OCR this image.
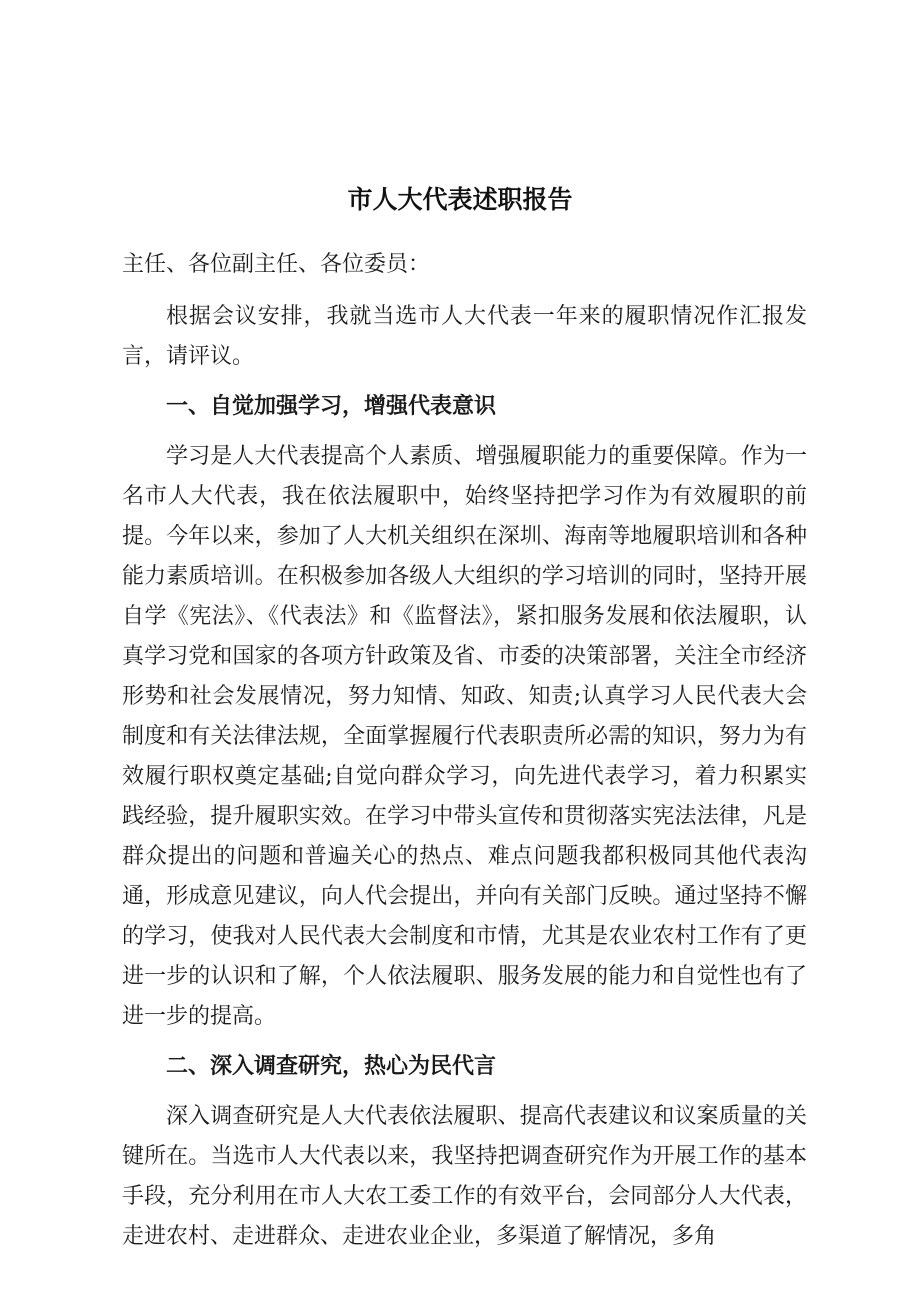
市人大代表述职报告

主任、各位副主任、各位委员：

根据会议安排，我就当选市人大代表一年来的履职情况作汇报发言，请评议。

一、自觉加强学习，增强代表意识

学习是人大代表提高个人素质、增强履职能力的重要保障。作为一名市人大代表，我在依法履职中，始终坚持把学习作为有效履职的前提。今年以来，参加了人大机关组织在深圳、海南等地履职培训和各种能力素质培训。在积极参加各级人大组织的学习培训的同时，坚持开展自学《宪法》、《代表法》和《监督法》，紧扣服务发展和依法履职，认真学习党和国家的各项方针政策及省、市委的决策部署，关注全市经济形势和社会发展情况，努力知情、知政、知责;认真学习人民代表大会制度和有关法律法规，全面掌握履行代表职责所必需的知识，努力为有效履行职权奠定基础;自觉向群众学习，向先进代表学习，着力积累实践经验，提升履职实效。在学习中带头宣传和贯彻落实宪法法律，凡是群众提出的问题和普遍关心的热点、难点问题我都积极同其他代表沟通，形成意见建议，向人代会提出，并向有关部门反映。通过坚持不懈的学习，使我对人民代表大会制度和市情，尤其是农业农村工作有了更进一步的认识和了解，个人依法履职、服务发展的能力和自觉性也有了进一步的提高。

二、深入调查研究，热心为民代言

深入调查研究是人大代表依法履职、提高代表建议和议案质量的关键所在。当选市人大代表以来，我坚持把调查研究作为开展工作的基本手段，充分利用在市人大农工委工作的有效平台，会同部分人大代表，走进农村、走进群众、走进农业企业，多渠道了解情况，多角
